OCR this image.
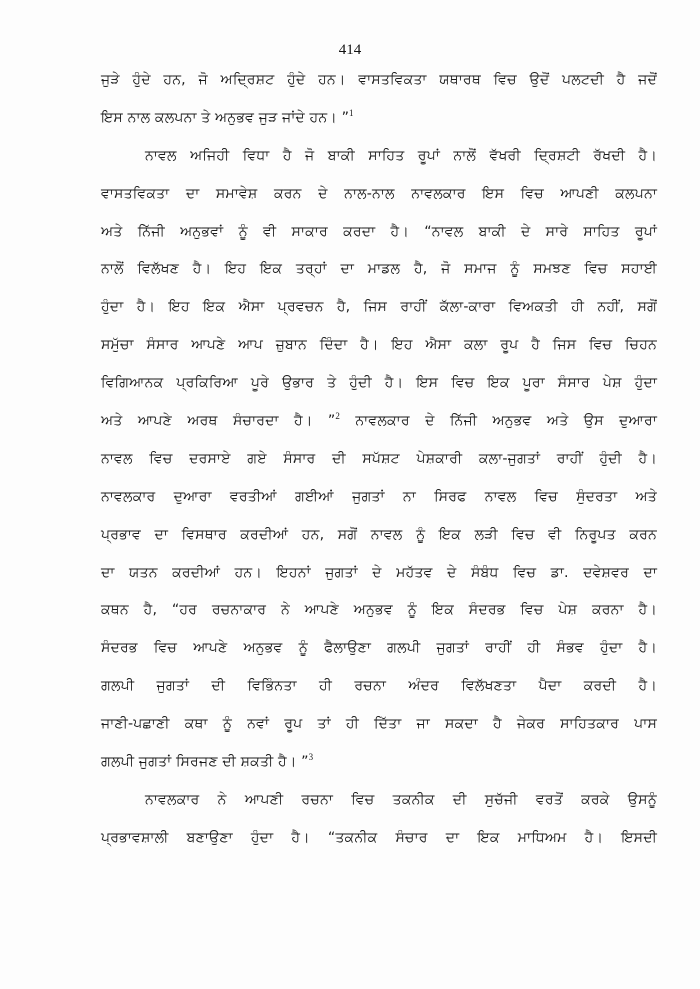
414
ਜੁੜੇ ਹੁੰਦੇ ਹਨ, ਜੋ ਅਦ੍ਰਿਸ਼ਟ ਹੁੰਦੇ ਹਨ। ਵਾਸਤਵਿਕਤਾ ਯਥਾਰਥ ਵਿਚ ਉਦੋਂ ਪਲਟਦੀ ਹੈ ਜਦੋਂ
ਇਸ ਨਾਲ ਕਲਪਨਾ ਤੇ ਅਨੁਭਵ ਜੁੜ ਜਾਂਦੇ ਹਨ। ”$^1$
ਨਾਵਲ ਅਜਿਹੀ ਵਿਧਾ ਹੈ ਜੋ ਬਾਕੀ ਸਾਹਿਤ ਰੂਪਾਂ ਨਾਲੋਂ ਵੱਖਰੀ ਦ੍ਰਿਸ਼ਟੀ ਰੱਖਦੀ ਹੈ।
ਵਾਸਤਵਿਕਤਾ ਦਾ ਸਮਾਵੇਸ਼ ਕਰਨ ਦੇ ਨਾਲ-ਨਾਲ ਨਾਵਲਕਾਰ ਇਸ ਵਿਚ ਆਪਣੀ ਕਲਪਨਾ
ਅਤੇ ਨਿੱਜੀ ਅਨੁਭਵਾਂ ਨੂੰ ਵੀ ਸਾਕਾਰ ਕਰਦਾ ਹੈ। “ਨਾਵਲ ਬਾਕੀ ਦੇ ਸਾਰੇ ਸਾਹਿਤ ਰੂਪਾਂ
ਨਾਲੋਂ ਵਿਲੱਖਣ ਹੈ। ਇਹ ਇਕ ਤਰ੍ਹਾਂ ਦਾ ਮਾਡਲ ਹੈ, ਜੋ ਸਮਾਜ ਨੂੰ ਸਮਝਣ ਵਿਚ ਸਹਾਈ
ਹੁੰਦਾ ਹੈ। ਇਹ ਇਕ ਐਸਾ ਪ੍ਰਵਚਨ ਹੈ, ਜਿਸ ਰਾਹੀਂ ਕੱਲਾ-ਕਾਰਾ ਵਿਅਕਤੀ ਹੀ ਨਹੀਂ, ਸਗੋਂ
ਸਮੁੱਚਾ ਸੰਸਾਰ ਆਪਣੇ ਆਪ ਜ਼ੁਬਾਨ ਦਿੰਦਾ ਹੈ। ਇਹ ਐਸਾ ਕਲਾ ਰੂਪ ਹੈ ਜਿਸ ਵਿਚ ਚਿਹਨ
ਵਿਗਿਆਨਕ ਪ੍ਰਕਿਰਿਆ ਪੂਰੇ ਉਭਾਰ ਤੇ ਹੁੰਦੀ ਹੈ। ਇਸ ਵਿਚ ਇਕ ਪੂਰਾ ਸੰਸਾਰ ਪੇਸ਼ ਹੁੰਦਾ
ਅਤੇ ਆਪਣੇ ਅਰਥ ਸੰਚਾਰਦਾ ਹੈ। ”$^2$ ਨਾਵਲਕਾਰ ਦੇ ਨਿੱਜੀ ਅਨੁਭਵ ਅਤੇ ਉਸ ਦੁਆਰਾ
ਨਾਵਲ ਵਿਚ ਦਰਸਾਏ ਗਏ ਸੰਸਾਰ ਦੀ ਸਪੱਸ਼ਟ ਪੇਸ਼ਕਾਰੀ ਕਲਾ-ਜੁਗਤਾਂ ਰਾਹੀਂ ਹੁੰਦੀ ਹੈ।
ਨਾਵਲਕਾਰ ਦੁਆਰਾ ਵਰਤੀਆਂ ਗਈਆਂ ਜੁਗਤਾਂ ਨਾ ਸਿਰਫ ਨਾਵਲ ਵਿਚ ਸੁੰਦਰਤਾ ਅਤੇ
ਪ੍ਰਭਾਵ ਦਾ ਵਿਸਥਾਰ ਕਰਦੀਆਂ ਹਨ, ਸਗੋਂ ਨਾਵਲ ਨੂੰ ਇਕ ਲੜੀ ਵਿਚ ਵੀ ਨਿਰੂਪਤ ਕਰਨ
ਦਾ ਯਤਨ ਕਰਦੀਆਂ ਹਨ। ਇਹਨਾਂ ਜੁਗਤਾਂ ਦੇ ਮਹੱਤਵ ਦੇ ਸੰਬੰਧ ਵਿਚ ਡਾ. ਦਵੇਸ਼ਵਰ ਦਾ
ਕਥਨ ਹੈ, “ਹਰ ਰਚਨਾਕਾਰ ਨੇ ਆਪਣੇ ਅਨੁਭਵ ਨੂੰ ਇਕ ਸੰਦਰਭ ਵਿਚ ਪੇਸ਼ ਕਰਨਾ ਹੈ।
ਸੰਦਰਭ ਵਿਚ ਆਪਣੇ ਅਨੁਭਵ ਨੂੰ ਫੈਲਾਉਣਾ ਗਲਪੀ ਜੁਗਤਾਂ ਰਾਹੀਂ ਹੀ ਸੰਭਵ ਹੁੰਦਾ ਹੈ।
ਗਲਪੀ ਜੁਗਤਾਂ ਦੀ ਵਿਭਿੰਨਤਾ ਹੀ ਰਚਨਾ ਅੰਦਰ ਵਿਲੱਖਣਤਾ ਪੈਦਾ ਕਰਦੀ ਹੈ।
ਜਾਣੀ-ਪਛਾਣੀ ਕਥਾ ਨੂੰ ਨਵਾਂ ਰੂਪ ਤਾਂ ਹੀ ਦਿੱਤਾ ਜਾ ਸਕਦਾ ਹੈ ਜੇਕਰ ਸਾਹਿਤਕਾਰ ਪਾਸ
ਗਲਪੀ ਜੁਗਤਾਂ ਸਿਰਜਣ ਦੀ ਸ਼ਕਤੀ ਹੈ। ”$^3$
ਨਾਵਲਕਾਰ ਨੇ ਆਪਣੀ ਰਚਨਾ ਵਿਚ ਤਕਨੀਕ ਦੀ ਸੁਚੱਜੀ ਵਰਤੋਂ ਕਰਕੇ ਉਸਨੂੰ
ਪ੍ਰਭਾਵਸ਼ਾਲੀ ਬਣਾਉਣਾ ਹੁੰਦਾ ਹੈ। “ਤਕਨੀਕ ਸੰਚਾਰ ਦਾ ਇਕ ਮਾਧਿਅਮ ਹੈ। ਇਸਦੀ
